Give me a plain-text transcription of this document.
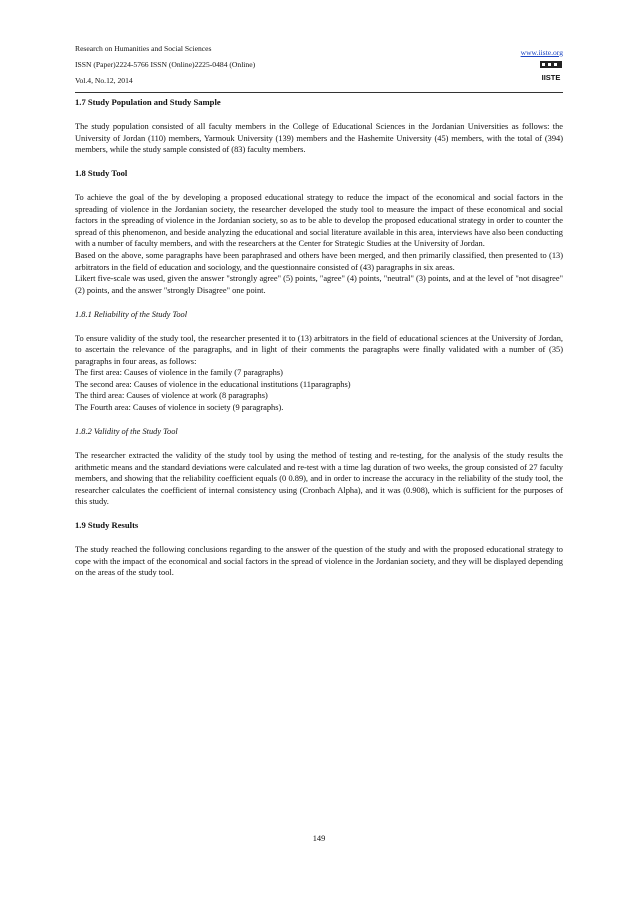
Research on Humanities and Social Sciences	www.iiste.org
ISSN (Paper)2224-5766 ISSN (Online)2225-0484 (Online)
Vol.4, No.12, 2014	IISTE
1.7 Study Population and Study Sample

The study population consisted of all faculty members in the College of Educational Sciences in the Jordanian Universities as follows: the University of Jordan (110) members, Yarmouk University (139) members and the Hashemite University (45) members, with the total of (394) members, while the study sample consisted of (83) faculty members.

1.8 Study Tool

To achieve the goal of the by developing a proposed educational strategy to reduce the impact of the economical and social factors in the spreading of violence in the Jordanian society, the researcher developed the study tool to measure the impact of these economical and social factors in the spreading of violence in the Jordanian society, so as to be able to develop the proposed educational strategy in order to counter the spread of this phenomenon, and beside analyzing the educational and social literature available in this area, interviews have also been conducting with a number of faculty members, and with the researchers at the Center for Strategic Studies at the University of Jordan.

Based on the above, some paragraphs have been paraphrased and others have been merged, and then primarily classified, then presented to (13) arbitrators in the field of education and sociology, and the questionnaire consisted of (43) paragraphs in six areas.

Likert five-scale was used, given the answer "strongly agree" (5) points, "agree" (4) points, "neutral" (3) points, and at the level of "not disagree" (2) points, and the answer "strongly Disagree" one point.

1.8.1 Reliability of the Study Tool

To ensure validity of the study tool, the researcher presented it to (13) arbitrators in the field of educational sciences at the University of Jordan, to ascertain the relevance of the paragraphs, and in light of their comments the paragraphs were finally validated with a number of (35) paragraphs in four areas, as follows:

The first area: Causes of violence in the family (7 paragraphs)
The second area: Causes of violence in the educational institutions (11paragraphs)
The third area: Causes of violence at work (8 paragraphs)
The Fourth area: Causes of violence in society (9 paragraphs).
1.8.2 Validity of the Study Tool

The researcher extracted the validity of the study tool by using the method of testing and re-testing, for the analysis of the study results the arithmetic means and the standard deviations were calculated and re-test with a time lag duration of two weeks, the group consisted of 27 faculty members, and showing that the reliability coefficient equals (0 0.89), and in order to increase the accuracy in the reliability of the study tool, the researcher calculates the coefficient of internal consistency using (Cronbach Alpha), and it was (0.908), which is sufficient for the purposes of this study.

1.9 Study Results

The study reached the following conclusions regarding to the answer of the question of the study and with the proposed educational strategy to cope with the impact of the economical and social factors in the spread of violence in the Jordanian society, and they will be displayed depending on the areas of the study tool.

149
